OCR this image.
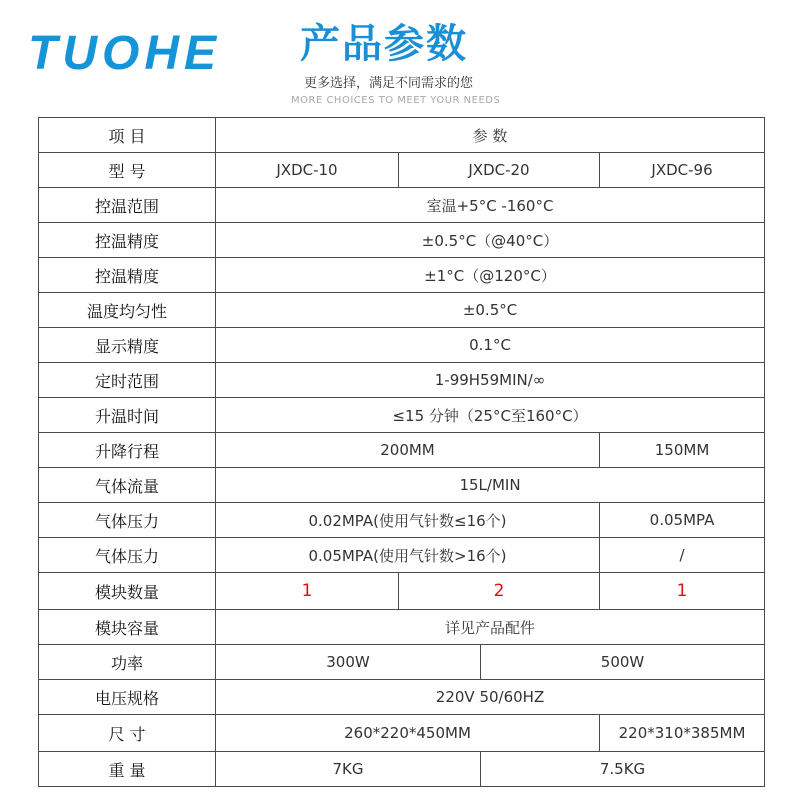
TUOHE 产品参数
更多选择，满足不同需求的您
MORE CHOICES TO MEET YOUR NEEDS
项 目	参 数			
型 号	JXDC-10	JXDC-20		JXDC-96
控温范围	室温+5°C -160°C			
控温精度	±0.5°C（@40°C）			
控温精度	±1°C（@120°C）			
温度均匀性	±0.5°C			
显示精度	0.1°C			
定时范围	1-99H59MIN/∞			
升温时间	≤15 分钟（25°C至160°C）			
升降行程	200MM			150MM
气体流量	15L/MIN			
气体压力	0.02MPA(使用气针数≤16个)			0.05MPA
气体压力	0.05MPA(使用气针数>16个)			/
模块数量	1	2		1
模块容量	详见产品配件			
功率	300W		500W	
电压规格	220V 50/60HZ			
尺 寸	260*220*450MM			220*310*385MM
重 量	7KG		7.5KG	
